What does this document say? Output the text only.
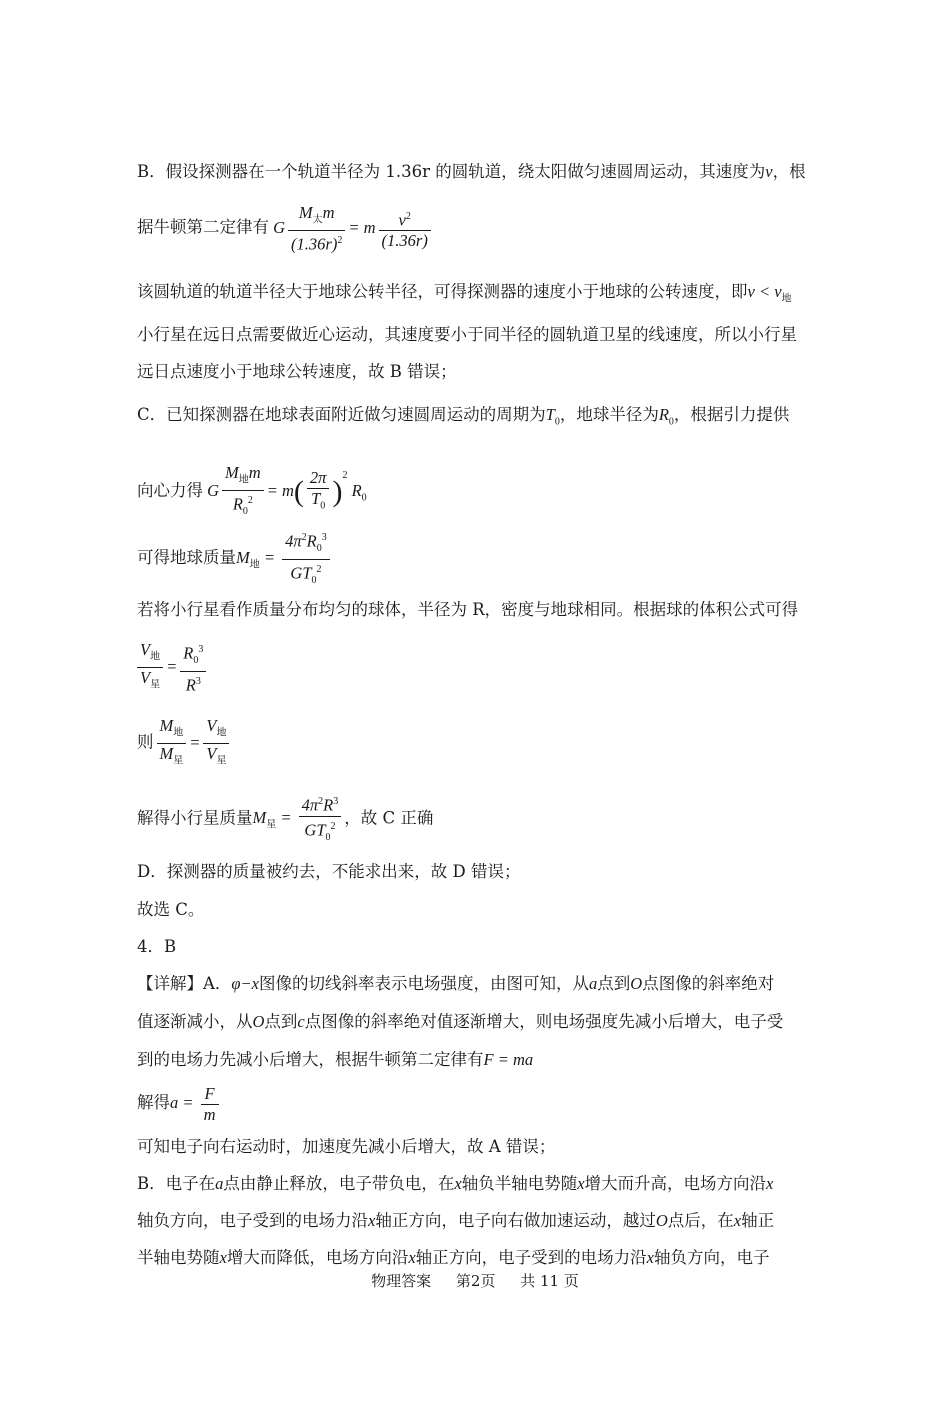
B．假设探测器在一个轨道半径为 1.36r 的圆轨道，绕太阳做匀速圆周运动，其速度为v，根
据牛顿第二定律有 G $\frac{M_太m}{(1.36r)^2} = m \frac{v^2}{(1.36r)}$
该圆轨道的轨道半径大于地球公转半径，可得探测器的速度小于地球的公转速度，即$v < v_地$
小行星在远日点需要做近心运动，其速度要小于同半径的圆轨道卫星的线速度，所以小行星
远日点速度小于地球公转速度，故 B 错误；
C．已知探测器在地球表面附近做匀速圆周运动的周期为$T_0$，地球半径为$R_0$，根据引力提供
向心力得 G $\frac{M_地m}{R_0^2} = m( \frac{2\pi}{T_0} )^2$ $R_0$
可得地球质量$M_地 = \frac{4\pi^2R_0^3}{GT_0^2}$
若将小行星看作质量分布均匀的球体，半径为 R，密度与地球相同。根据球的体积公式可得
$\frac{V_地}{V_星} = \frac{R_0^3}{R^3}$
则 $\frac{M_地}{M_星} = \frac{V_地}{V_星}$
解得小行星质量$M_星 = \frac{4\pi^2R^3}{GT_0^2}$ ，故 C 正确
D．探测器的质量被约去，不能求出来，故 D 错误；
故选 C。
4．B
【详解】A．φ−x图像的切线斜率表示电场强度，由图可知，从a点到O点图像的斜率绝对
值逐渐减小，从O点到c点图像的斜率绝对值逐渐增大，则电场强度先减小后增大，电子受
到的电场力先减小后增大，根据牛顿第二定律有F = ma
解得$a = \frac{F}{m}$
可知电子向右运动时，加速度先减小后增大，故 A 错误；
B．电子在a点由静止释放，电子带负电，在x轴负半轴电势随x增大而升高，电场方向沿x
轴负方向，电子受到的电场力沿x轴正方向，电子向右做加速运动，越过O点后，在x轴正
半轴电势随x增大而降低，电场方向沿x轴正方向，电子受到的电场力沿x轴负方向，电子
物理答案 第2页 共 11 页
